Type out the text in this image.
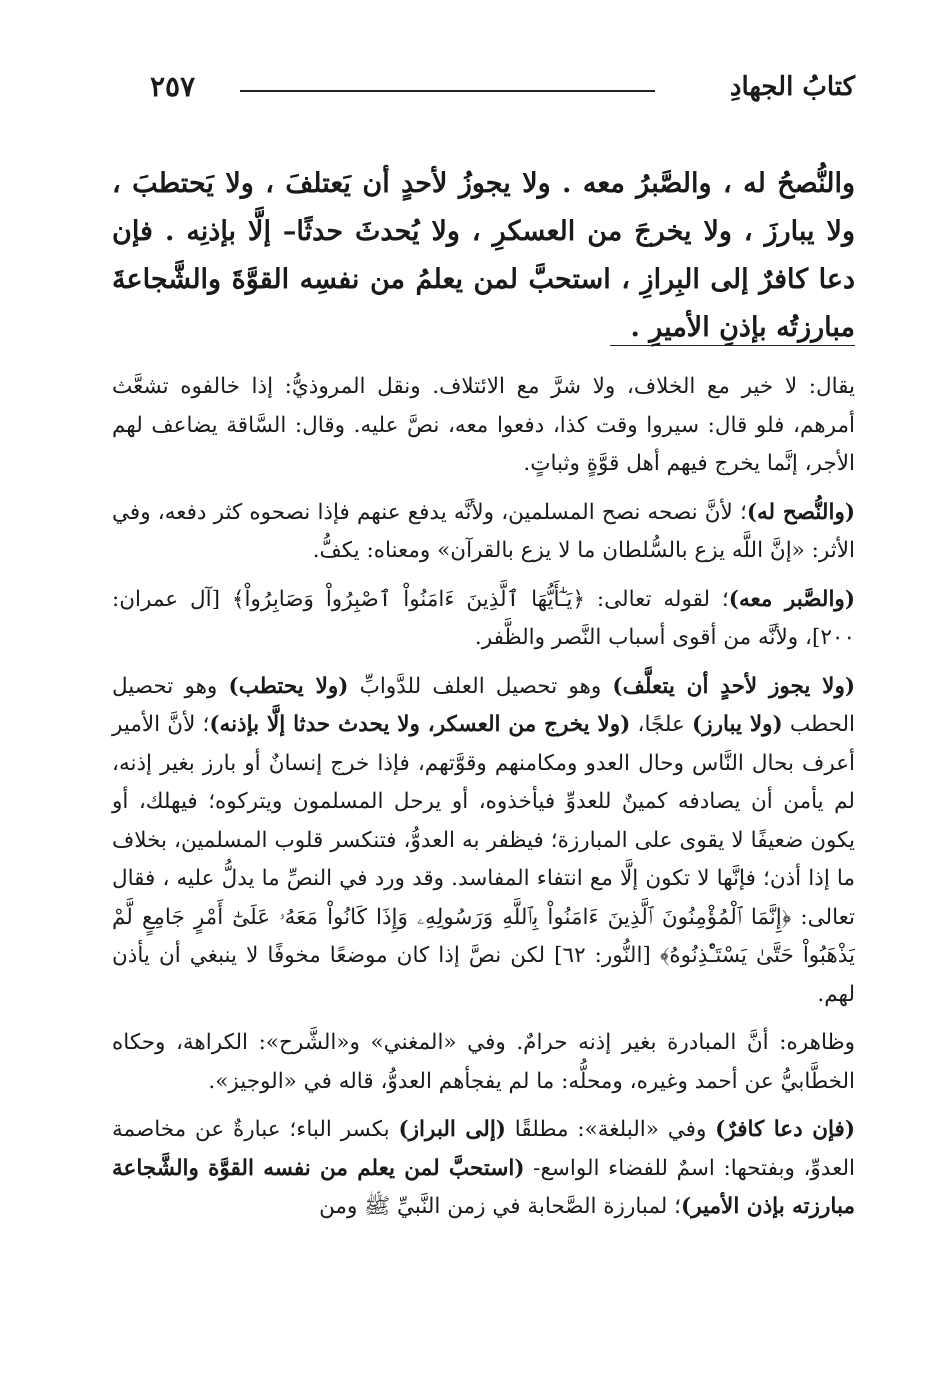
كتابُ الجهادِ
٢٥٧
والنُّصحُ له ، والصَّبرُ معه . ولا يجوزُ لأحدٍ أن يَعتلفَ ، ولا يَحتطبَ ، ولا يبارزَ ، ولا يخرجَ من العسكرِ ، ولا يُحدثَ حدثًا– إلَّا بإذنِه . فإن دعا كافرٌ إلى البِرازِ ، استحبَّ لمن يعلمُ من نفسِه القوَّةَ والشَّجاعةَ مبارزتُه بإذنِ الأميرِ .

يقال: لا خير مع الخلاف، ولا شرَّ مع الائتلاف. ونقل المروذيُّ: إذا خالفوه تشعَّث أمرهم، فلو قال: سيروا وقت كذا، دفعوا معه، نصَّ عليه. وقال: السَّاقة يضاعف لهم الأجر، إنَّما يخرج فيهم أهل قوَّةٍ وثباتٍ.

(والنُّصح له)؛ لأنَّ نصحه نصح المسلمين، ولأنَّه يدفع عنهم فإذا نصحوه كثر دفعه، وفي الأثر: «إنَّ اللَّه يزع بالسُّلطان ما لا يزع بالقرآن» ومعناه: يكفُّ.

(والصَّبر معه)؛ لقوله تعالى: ﴿يَـٰٓأَيُّهَا ٱلَّذِينَ ءَامَنُواْ ٱصْبِرُواْ وَصَابِرُواْ﴾ [آل عمران: ٢٠٠]، ولأنَّه من أقوى أسباب النَّصر والظَّفر.

(ولا يجوز لأحدٍ أن يتعلَّف) وهو تحصيل العلف للدَّوابِّ (ولا يحتطب) وهو تحصيل الحطب (ولا يبارز) علجًا، (ولا يخرج من العسكر، ولا يحدث حدثا إلَّا بإذنه)؛ لأنَّ الأمير أعرف بحال النَّاس وحال العدو ومكامنهم وقوَّتهم، فإذا خرج إنسانٌ أو بارز بغير إذنه، لم يأمن أن يصادفه كمينٌ للعدوِّ فيأخذوه، أو يرحل المسلمون ويتركوه؛ فيهلك، أو يكون ضعيفًا لا يقوى على المبارزة؛ فيظفر به العدوُّ، فتنكسر قلوب المسلمين، بخلاف ما إذا أذن؛ فإنَّها لا تكون إلَّا مع انتفاء المفاسد. وقد ورد في النصِّ ما يدلُّ عليه ، فقال تعالى: ﴿إِنَّمَا ٱلْمُؤْمِنُونَ ٱلَّذِينَ ءَامَنُواْ بِٱللَّهِ وَرَسُولِهِۦ وَإِذَا كَانُواْ مَعَهُۥ عَلَىٰٓ أَمْرٍ جَامِعٍ لَّمْ يَذْهَبُواْ حَتَّىٰ يَسْتَـْٔذِنُوهُ﴾ [النُّور: ٦٢] لكن نصَّ إذا كان موضعًا مخوفًا لا ينبغي أن يأذن لهم.

وظاهره: أنَّ المبادرة بغير إذنه حرامٌ. وفي «المغني» و«الشَّرح»: الكراهة، وحكاه الخطَّابيُّ عن أحمد وغيره، ومحلُّه: ما لم يفجأهم العدوُّ، قاله في «الوجيز».

(فإن دعا كافرٌ) وفي «البلغة»: مطلقًا (إلى البراز) بكسر الباء؛ عبارةٌ عن مخاصمة العدوِّ، وبفتحها: اسمٌ للفضاء الواسع- (استحبَّ لمن يعلم من نفسه القوَّة والشَّجاعة مبارزته بإذن الأمير)؛ لمبارزة الصَّحابة في زمن النَّبيِّ ﷺ ومن
